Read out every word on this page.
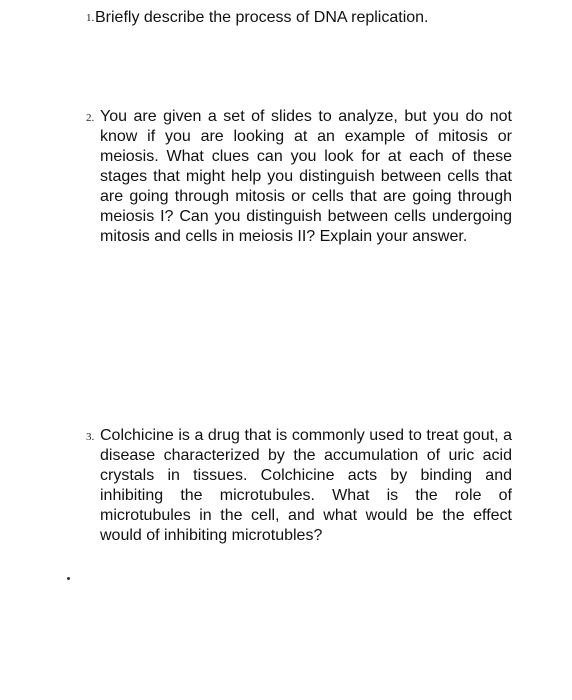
1. Briefly describe the process of DNA replication.
2. You are given a set of slides to analyze, but you do not know if you are looking at an example of mitosis or meiosis. What clues can you look for at each of these stages that might help you distinguish between cells that are going through mitosis or cells that are going through meiosis I? Can you distinguish between cells undergoing mitosis and cells in meiosis II? Explain your answer.
3. Colchicine is a drug that is commonly used to treat gout, a disease characterized by the accumulation of uric acid crystals in tissues. Colchicine acts by binding and inhibiting the microtubules. What is the role of microtubules in the cell, and what would be the effect would of inhibiting microtubles?
